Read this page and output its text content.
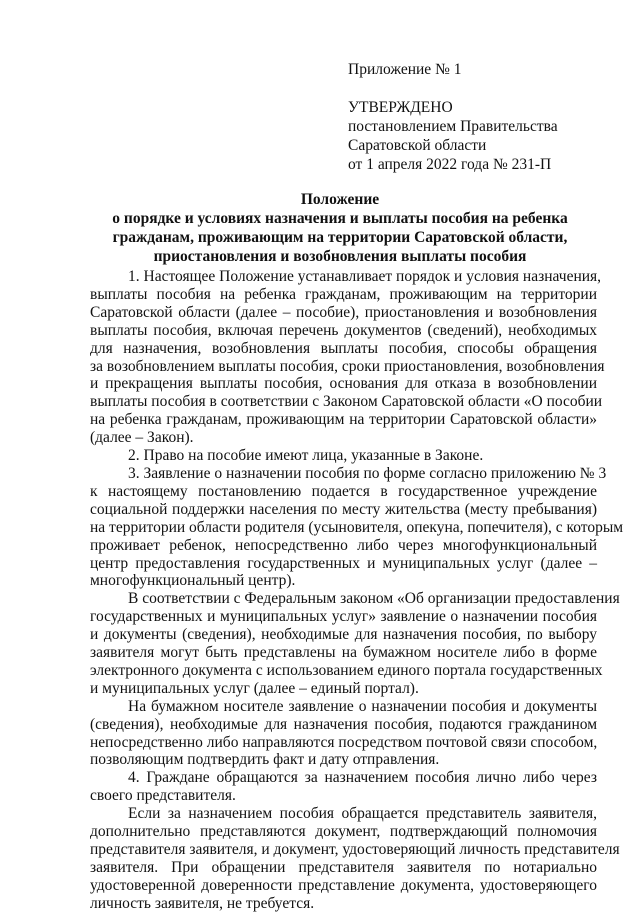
Приложение № 1
УТВЕРЖДЕНО
постановлением Правительства
Саратовской области
от 1 апреля 2022 года № 231-П
Положение
о порядке и условиях назначения и выплаты пособия на ребенка
гражданам, проживающим на территории Саратовской области,
приостановления и возобновления выплаты пособия

1. Настоящее Положение устанавливает порядок и условия назначения,
выплаты пособия на ребенка гражданам, проживающим на территории
Саратовской области (далее – пособие), приостановления и возобновления
выплаты пособия, включая перечень документов (сведений), необходимых
для назначения, возобновления выплаты пособия, способы обращения
за возобновлением выплаты пособия, сроки приостановления, возобновления
и прекращения выплаты пособия, основания для отказа в возобновлении
выплаты пособия в соответствии с Законом Саратовской области «О пособии
на ребенка гражданам, проживающим на территории Саратовской области»
(далее – Закон).

2. Право на пособие имеют лица, указанные в Законе.

3. Заявление о назначении пособия по форме согласно приложению № 3
к настоящему постановлению подается в государственное учреждение
социальной поддержки населения по месту жительства (месту пребывания)
на территории области родителя (усыновителя, опекуна, попечителя), с которым
проживает ребенок, непосредственно либо через многофункциональный
центр предоставления государственных и муниципальных услуг (далее –
многофункциональный центр).

В соответствии с Федеральным законом «Об организации предоставления
государственных и муниципальных услуг» заявление о назначении пособия
и документы (сведения), необходимые для назначения пособия, по выбору
заявителя могут быть представлены на бумажном носителе либо в форме
электронного документа с использованием единого портала государственных
и муниципальных услуг (далее – единый портал).

На бумажном носителе заявление о назначении пособия и документы
(сведения), необходимые для назначения пособия, подаются гражданином
непосредственно либо направляются посредством почтовой связи способом,
позволяющим подтвердить факт и дату отправления.

4. Граждане обращаются за назначением пособия лично либо через
своего представителя.

Если за назначением пособия обращается представитель заявителя,
дополнительно представляются документ, подтверждающий полномочия
представителя заявителя, и документ, удостоверяющий личность представителя
заявителя. При обращении представителя заявителя по нотариально
удостоверенной доверенности представление документа, удостоверяющего
личность заявителя, не требуется.
